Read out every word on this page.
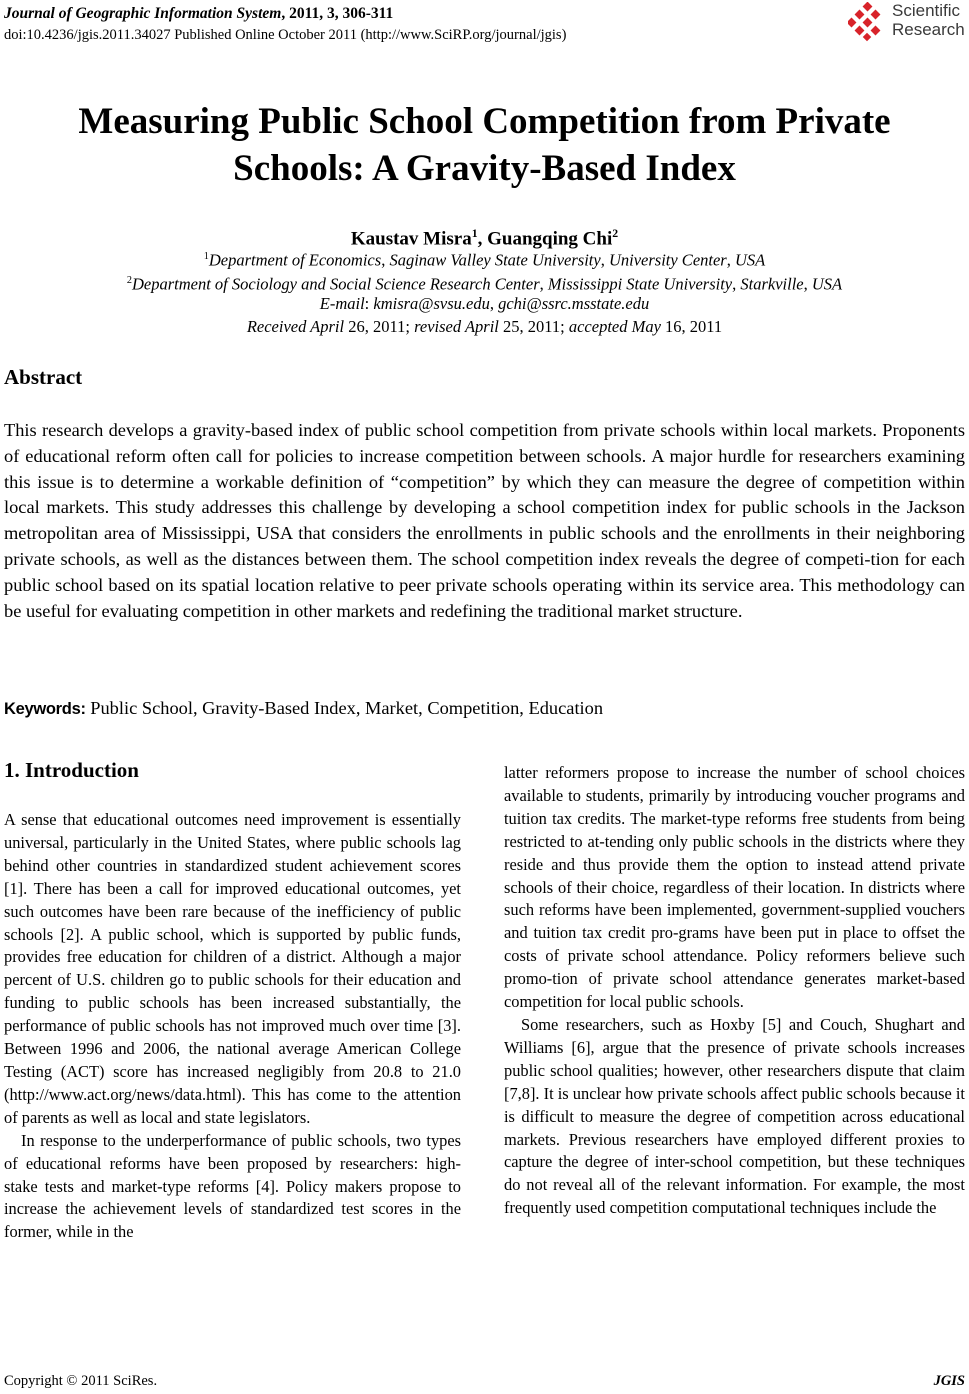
Journal of Geographic Information System, 2011, 3, 306-311
doi:10.4236/jgis.2011.34027 Published Online October 2011 (http://www.SciRP.org/journal/jgis)
Scientific
Research
Measuring Public School Competition from Private
Schools: A Gravity-Based Index
Kaustav Misra$^1$, Guangqing Chi$^2$
$^1$Department of Economics, Saginaw Valley State University, University Center, USA
$^2$Department of Sociology and Social Science Research Center, Mississippi State University, Starkville, USA
E-mail: kmisra@svsu.edu, gchi@ssrc.msstate.edu
Received April 26, 2011; revised April 25, 2011; accepted May 16, 2011
Abstract
This research develops a gravity-based index of public school competition from private schools within local markets. Proponents of educational reform often call for policies to increase competition between schools. A major hurdle for researchers examining this issue is to determine a workable definition of “competition” by which they can measure the degree of competition within local markets. This study addresses this challenge by developing a school competition index for public schools in the Jackson metropolitan area of Mississippi, USA that considers the enrollments in public schools and the enrollments in their neighboring private schools, as well as the distances between them. The school competition index reveals the degree of competi-tion for each public school based on its spatial location relative to peer private schools operating within its service area. This methodology can be useful for evaluating competition in other markets and redefining the traditional market structure.
Keywords: Public School, Gravity-Based Index, Market, Competition, Education
1. Introduction

A sense that educational outcomes need improvement is essentially universal, particularly in the United States, where public schools lag behind other countries in standardized student achievement scores [1]. There has been a call for improved educational outcomes, yet such outcomes have been rare because of the inefficiency of public schools [2]. A public school, which is supported by public funds, provides free education for children of a district. Although a major percent of U.S. children go to public schools for their education and funding to public schools has been increased substantially, the performance of public schools has not improved much over time [3]. Between 1996 and 2006, the national average American College Testing (ACT) score has increased negligibly from 20.8 to 21.0 (http://www.act.org/news/data.html). This has come to the attention of parents as well as local and state legislators.

In response to the underperformance of public schools, two types of educational reforms have been proposed by researchers: high-stake tests and market-type reforms [4]. Policy makers propose to increase the achievement levels of standardized test scores in the former, while in the

latter reformers propose to increase the number of school choices available to students, primarily by introducing voucher programs and tuition tax credits. The market-type reforms free students from being restricted to at-tending only public schools in the districts where they reside and thus provide them the option to instead attend private schools of their choice, regardless of their location. In districts where such reforms have been implemented, government-supplied vouchers and tuition tax credit pro-grams have been put in place to offset the costs of private school attendance. Policy reformers believe such promo-tion of private school attendance generates market-based competition for local public schools.

Some researchers, such as Hoxby [5] and Couch, Shughart and Williams [6], argue that the presence of private schools increases public school qualities; however, other researchers dispute that claim [7,8]. It is unclear how private schools affect public schools because it is difficult to measure the degree of competition across educational markets. Previous researchers have employed different proxies to capture the degree of inter-school competition, but these techniques do not reveal all of the relevant information. For example, the most frequently used competition computational techniques include the

Copyright © 2011 SciRes.	JGIS
